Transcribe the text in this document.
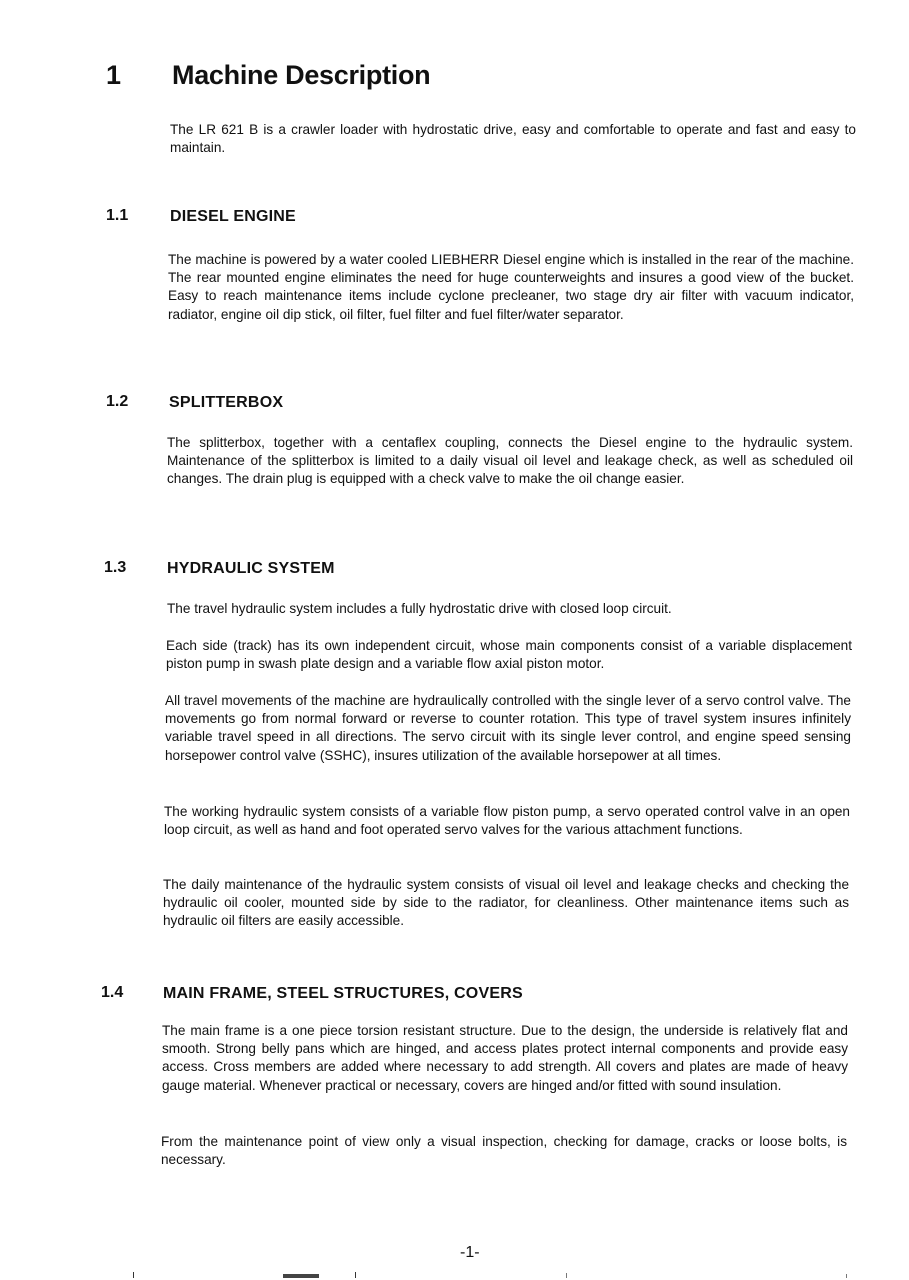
1 Machine Description

The LR 621 B is a crawler loader with hydrostatic drive, easy and comfortable to operate and fast and easy to maintain.

1.1	DIESEL ENGINE

The machine is powered by a water cooled LIEBHERR Diesel engine which is installed in the rear of the machine. The rear mounted engine eliminates the need for huge counterweights and insures a good view of the bucket. Easy to reach maintenance items include cyclone precleaner, two stage dry air filter with vacuum indicator, radiator, engine oil dip stick, oil filter, fuel filter and fuel filter/water separator.

1.2	SPLITTERBOX

The splitterbox, together with a centaflex coupling, connects the Diesel engine to the hydraulic system. Maintenance of the splitterbox is limited to a daily visual oil level and leakage check, as well as scheduled oil changes. The drain plug is equipped with a check valve to make the oil change easier.

1.3	HYDRAULIC SYSTEM

The travel hydraulic system includes a fully hydrostatic drive with closed loop circuit.

Each side (track) has its own independent circuit, whose main components consist of a variable displacement piston pump in swash plate design and a variable flow axial piston motor.

All travel movements of the machine are hydraulically controlled with the single lever of a servo control valve. The movements go from normal forward or reverse to counter rotation. This type of travel system insures infinitely variable travel speed in all directions. The servo circuit with its single lever control, and engine speed sensing horsepower control valve (SSHC), insures utilization of the available horsepower at all times.

The working hydraulic system consists of a variable flow piston pump, a servo operated control valve in an open loop circuit, as well as hand and foot operated servo valves for the various attachment functions.

The daily maintenance of the hydraulic system consists of visual oil level and leakage checks and checking the hydraulic oil cooler, mounted side by side to the radiator, for cleanliness. Other maintenance items such as hydraulic oil filters are easily accessible.

1.4 MAIN FRAME, STEEL STRUCTURES, COVERS

The main frame is a one piece torsion resistant structure. Due to the design, the underside is relatively flat and smooth. Strong belly pans which are hinged, and access plates protect internal components and provide easy access. Cross members are added where necessary to add strength. All covers and plates are made of heavy gauge material. Whenever practical or necessary, covers are hinged and/or fitted with sound insulation.

From the maintenance point of view only a visual inspection, checking for damage, cracks or loose bolts, is necessary.

-1-
